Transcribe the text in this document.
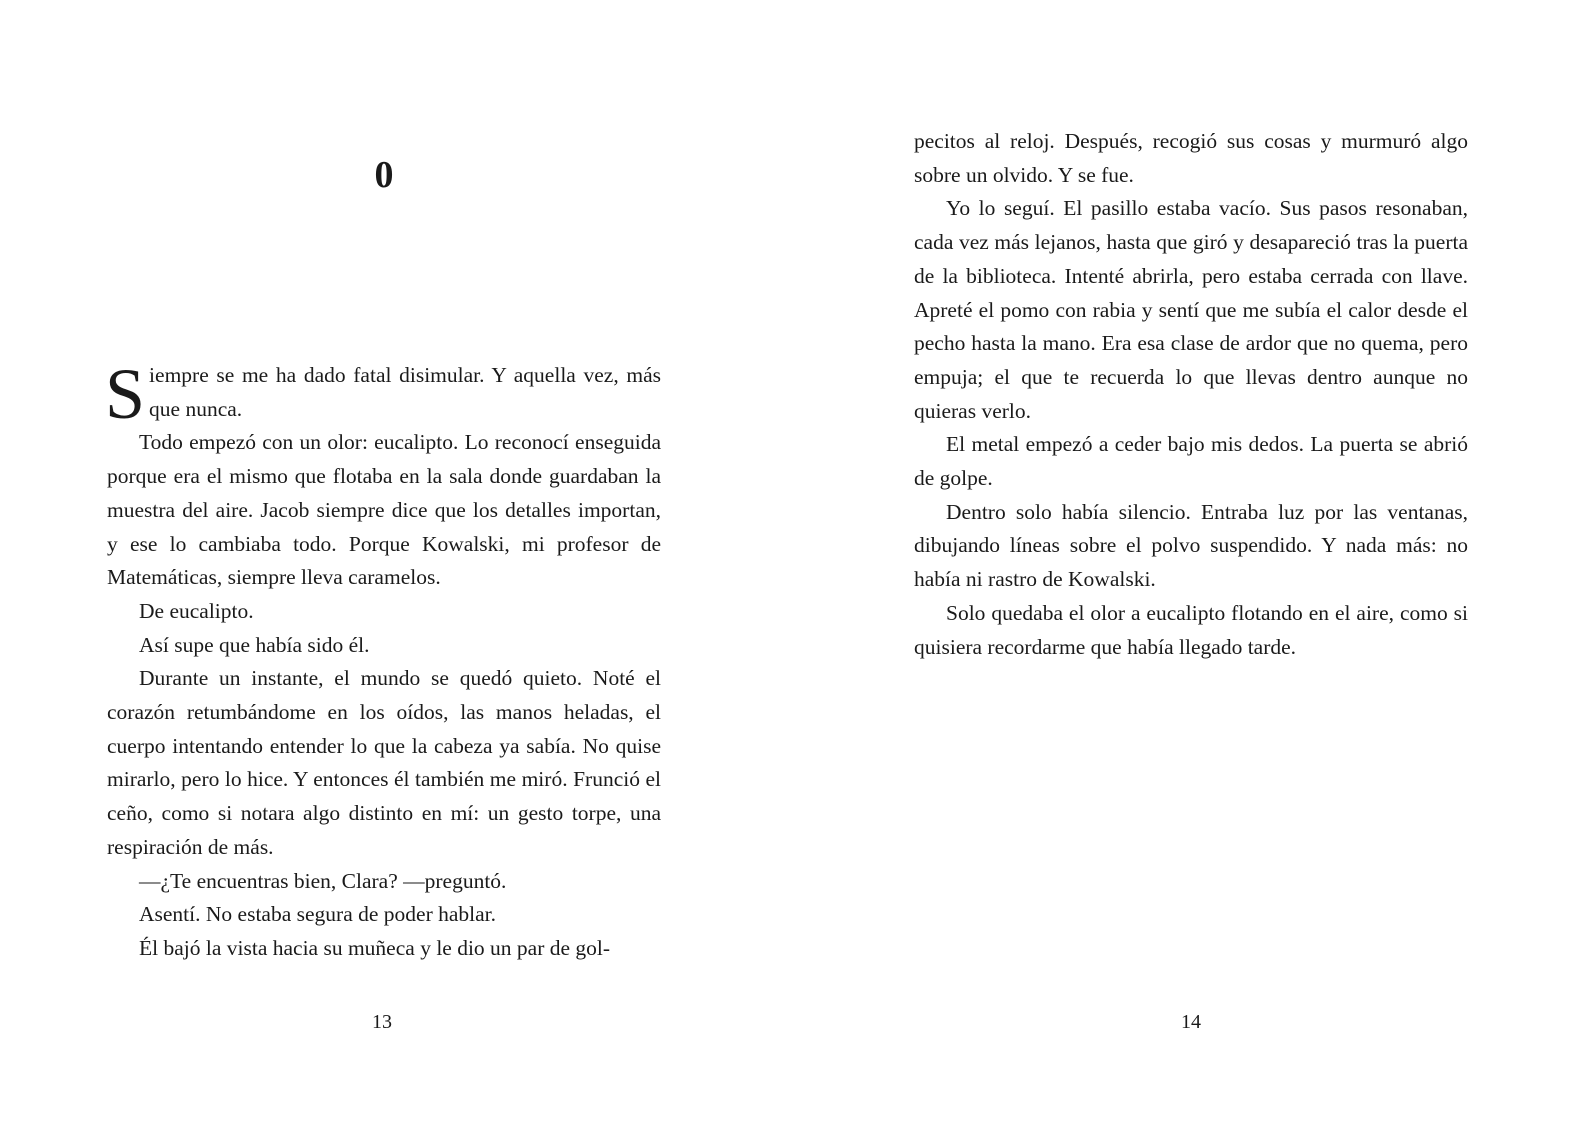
0

Siempre se me ha dado fatal disimular. Y aquella vez, más que nunca.

Todo empezó con un olor: eucalipto. Lo reconocí enseguida porque era el mismo que flotaba en la sala donde guardaban la muestra del aire. Jacob siempre dice que los detalles importan, y ese lo cambiaba todo. Porque Kowalski, mi profesor de Matemáticas, siempre lleva caramelos.

De eucalipto.

Así supe que había sido él.

Durante un instante, el mundo se quedó quieto. Noté el corazón retumbándome en los oídos, las manos heladas, el cuerpo intentando entender lo que la cabeza ya sabía. No quise mirarlo, pero lo hice. Y entonces él también me miró. Frunció el ceño, como si notara algo distinto en mí: un gesto torpe, una respiración de más.

—¿Te encuentras bien, Clara? —preguntó.

Asentí. No estaba segura de poder hablar.

Él bajó la vista hacia su muñeca y le dio un par de gol-

13

pecitos al reloj. Después, recogió sus cosas y murmuró algo sobre un olvido. Y se fue.

Yo lo seguí. El pasillo estaba vacío. Sus pasos resonaban, cada vez más lejanos, hasta que giró y desapareció tras la puerta de la biblioteca. Intenté abrirla, pero estaba cerrada con llave. Apreté el pomo con rabia y sentí que me subía el calor desde el pecho hasta la mano. Era esa clase de ardor que no quema, pero empuja; el que te recuerda lo que llevas dentro aunque no quieras verlo.

El metal empezó a ceder bajo mis dedos. La puerta se abrió de golpe.

Dentro solo había silencio. Entraba luz por las ventanas, dibujando líneas sobre el polvo suspendido. Y nada más: no había ni rastro de Kowalski.

Solo quedaba el olor a eucalipto flotando en el aire, como si quisiera recordarme que había llegado tarde.

14
